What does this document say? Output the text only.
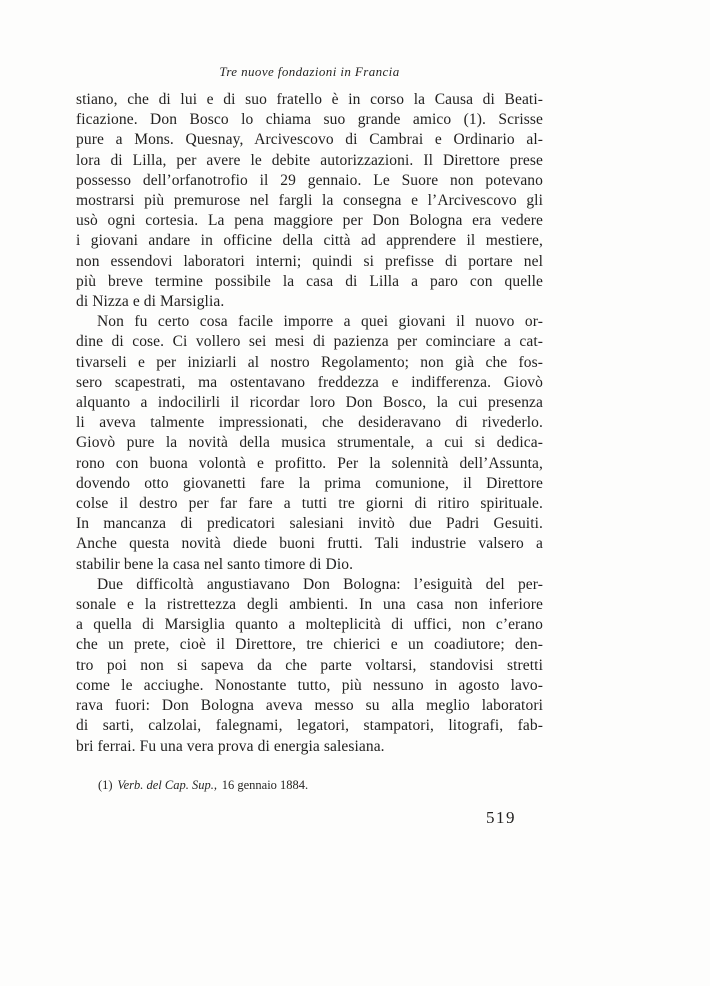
Tre nuove fondazioni in Francia
stiano, che di lui e di suo fratello è in corso la Causa di Beati-
ficazione. Don Bosco lo chiama suo grande amico (1). Scrisse
pure a Mons. Quesnay, Arcivescovo di Cambrai e Ordinario al-
lora di Lilla, per avere le debite autorizzazioni. Il Direttore prese
possesso dell’orfanotrofio il 29 gennaio. Le Suore non potevano
mostrarsi più premurose nel fargli la consegna e l’Arcivescovo gli
usò ogni cortesia. La pena maggiore per Don Bologna era vedere
i giovani andare in officine della città ad apprendere il mestiere,
non essendovi laboratori interni; quindi si prefisse di portare nel
più breve termine possibile la casa di Lilla a paro con quelle
di Nizza e di Marsiglia.
Non fu certo cosa facile imporre a quei giovani il nuovo or-
dine di cose. Ci vollero sei mesi di pazienza per cominciare a cat-
tivarseli e per iniziarli al nostro Regolamento; non già che fos-
sero scapestrati, ma ostentavano freddezza e indifferenza. Giovò
alquanto a indocilirli il ricordar loro Don Bosco, la cui presenza
li aveva talmente impressionati, che desideravano di rivederlo.
Giovò pure la novità della musica strumentale, a cui si dedica-
rono con buona volontà e profitto. Per la solennità dell’Assunta,
dovendo otto giovanetti fare la prima comunione, il Direttore
colse il destro per far fare a tutti tre giorni di ritiro spirituale.
In mancanza di predicatori salesiani invitò due Padri Gesuiti.
Anche questa novità diede buoni frutti. Tali industrie valsero a
stabilir bene la casa nel santo timore di Dio.
Due difficoltà angustiavano Don Bologna: l’esiguità del per-
sonale e la ristrettezza degli ambienti. In una casa non inferiore
a quella di Marsiglia quanto a molteplicità di uffici, non c’erano
che un prete, cioè il Direttore, tre chierici e un coadiutore; den-
tro poi non si sapeva da che parte voltarsi, standovisi stretti
come le acciughe. Nonostante tutto, più nessuno in agosto lavo-
rava fuori: Don Bologna aveva messo su alla meglio laboratori
di sarti, calzolai, falegnami, legatori, stampatori, litografi, fab-
bri ferrai. Fu una vera prova di energia salesiana.
(1) Verb. del Cap. Sup., 16 gennaio 1884.
519
